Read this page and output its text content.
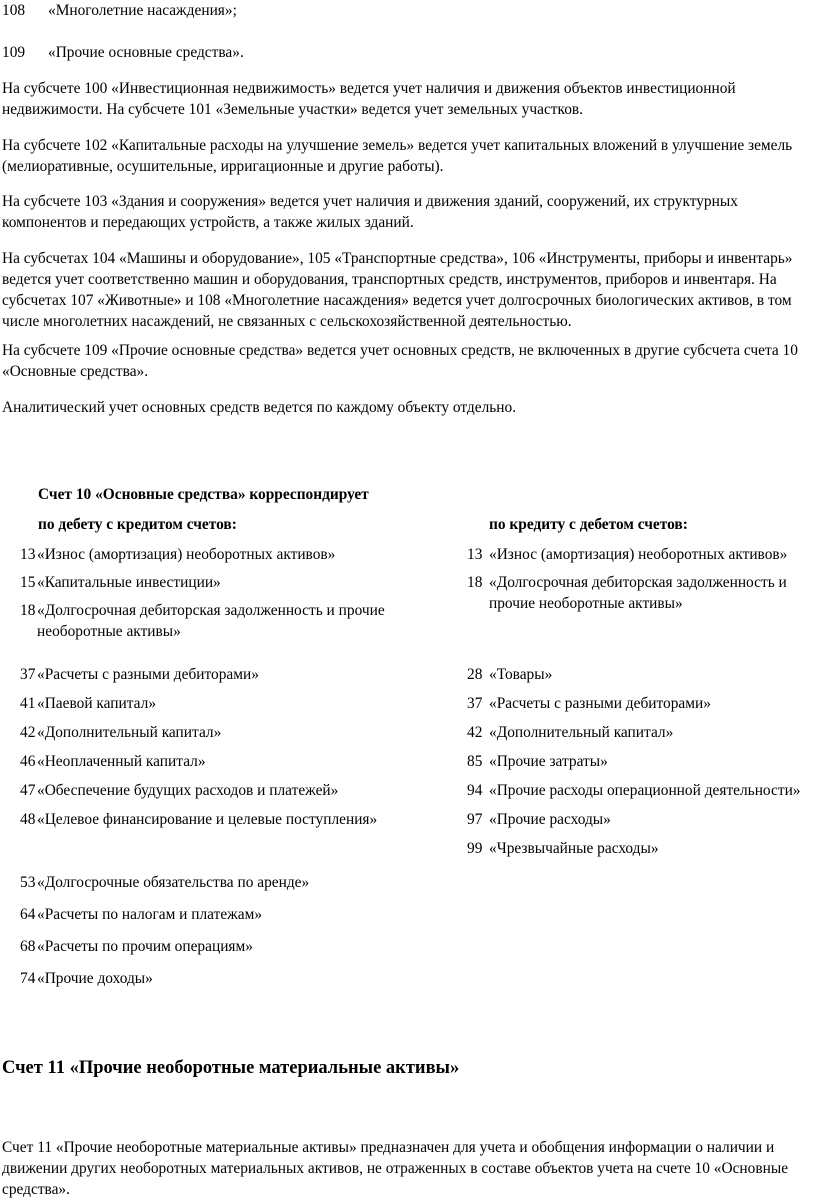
108 «Многолетние насаждения»;
109 «Прочие основные средства».

На субсчете 100 «Инвестиционная недвижимость» ведется учет наличия и движения объектов инвестиционной недвижимости. На субсчете 101 «Земельные участки» ведется учет земельных участков.

На субсчете 102 «Капитальные расходы на улучшение земель» ведется учет капитальных вложений в улучшение земель (мелиоративные, осушительные, ирригационные и другие работы).

На субсчете 103 «Здания и сооружения» ведется учет наличия и движения зданий, сооружений, их структурных компонентов и передающих устройств, а также жилых зданий.

На субсчетах 104 «Машины и оборудование», 105 «Транспортные средства», 106 «Инструменты, приборы и инвентарь» ведется учет соответственно машин и оборудования, транспортных средств, инструментов, приборов и инвентаря. На субсчетах 107 «Животные» и 108 «Многолетние насаждения» ведется учет долгосрочных биологических активов, в том числе многолетних насаждений, не связанных с сельскохозяйственной деятельностью.

На субсчете 109 «Прочие основные средства» ведется учет основных средств, не включенных в другие субсчета счета 10 «Основные средства».

Аналитический учет основных средств ведется по каждому объекту отдельно.

Счет 10 «Основные средства» корреспондирует
по дебету с кредитом счетов:	по кредиту с дебетом счетов:
13 «Износ (амортизация) необоротных активов»
15 «Капитальные инвестиции»
18 «Долгосрочная дебиторская задолженность и прочие необоротные активы»
37 «Расчеты с разными дебиторами»
41 «Паевой капитал»
42 «Дополнительный капитал»
46 «Неоплаченный капитал»
47 «Обеспечение будущих расходов и платежей»
48 «Целевое финансирование и целевые поступления»
53 «Долгосрочные обязательства по аренде»
64 «Расчеты по налогам и платежам»
68 «Расчеты по прочим операциям»
74 «Прочие доходы»
13 «Износ (амортизация) необоротных активов»
18 «Долгосрочная дебиторская задолженность и прочие необоротные активы»
28 «Товары»
37 «Расчеты с разными дебиторами»
42 «Дополнительный капитал»
85 «Прочие затраты»
94 «Прочие расходы операционной деятельности»
97 «Прочие расходы»
99 «Чрезвычайные расходы»
Счет 11 «Прочие необоротные материальные активы»

Счет 11 «Прочие необоротные материальные активы» предназначен для учета и обобщения информации о наличии и движении других необоротных материальных активов, не отраженных в составе объектов учета на счете 10 «Основные средства».
